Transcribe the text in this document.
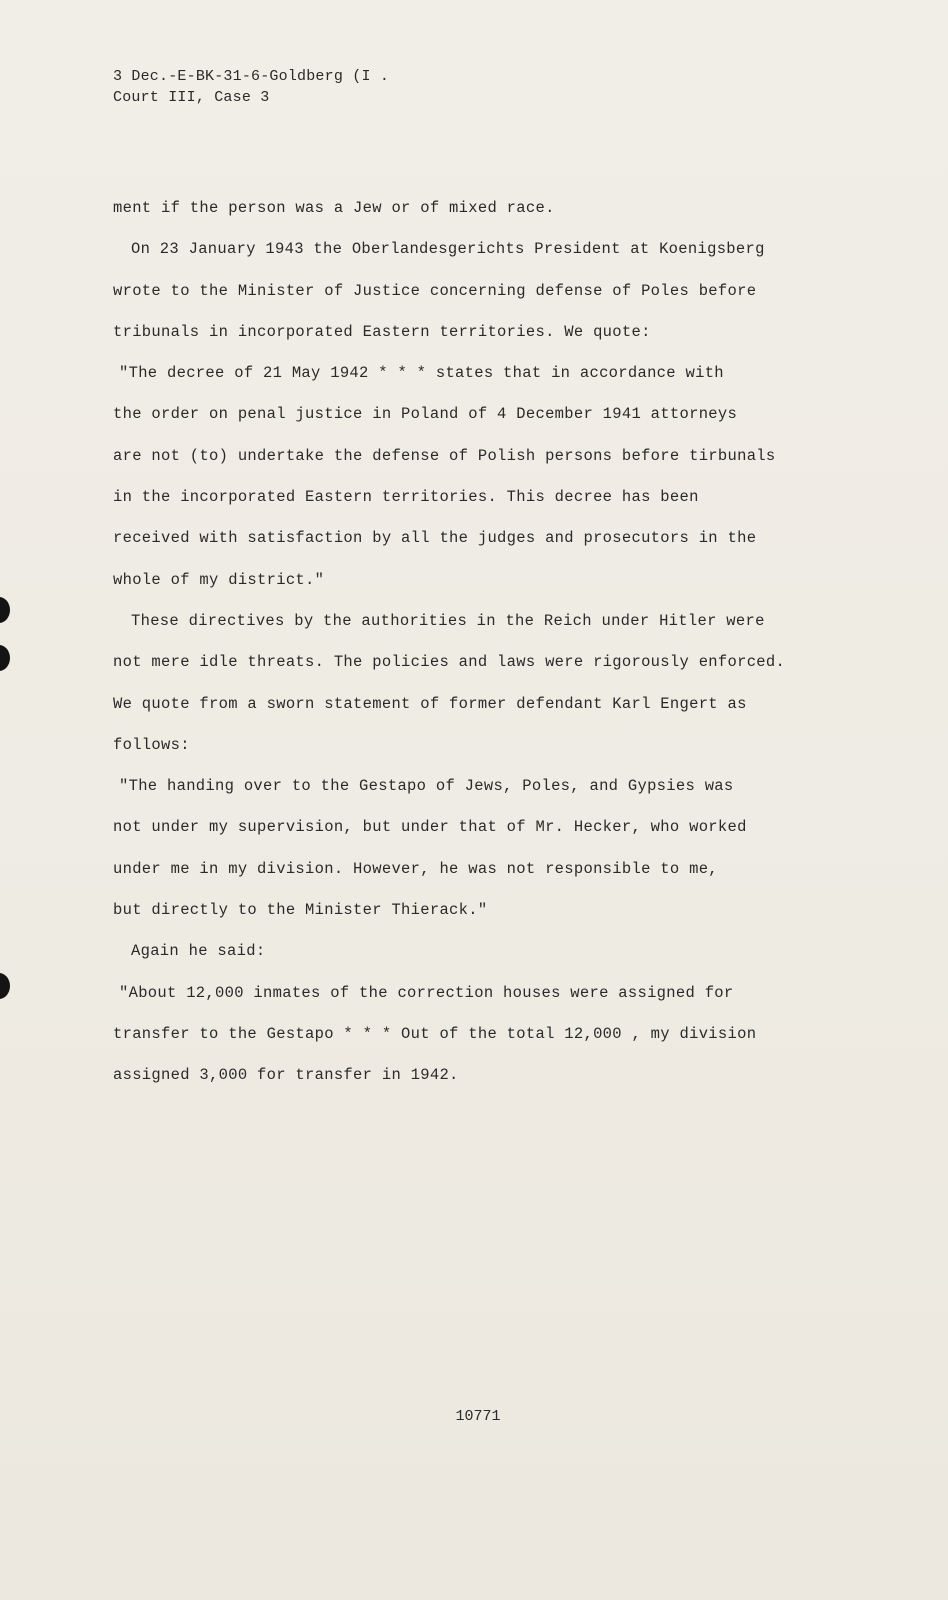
3 Dec.-E-BK-31-6-Goldberg (I .
Court III, Case 3
ment if the person was a Jew or of mixed race.
On 23 January 1943 the Oberlandesgerichts President at Koenigsberg
wrote to the Minister of Justice concerning defense of Poles before
tribunals in incorporated Eastern territories. We quote:
"The decree of 21 May 1942 * * * states that in accordance with
the order on penal justice in Poland of 4 December 1941 attorneys
are not (to) undertake the defense of Polish persons before tirbunals
in the incorporated Eastern territories. This decree has been
received with satisfaction by all the judges and prosecutors in the
whole of my district."
These directives by the authorities in the Reich under Hitler were
not mere idle threats. The policies and laws were rigorously enforced.
We quote from a sworn statement of former defendant Karl Engert as
follows:
"The handing over to the Gestapo of Jews, Poles, and Gypsies was
not under my supervision, but under that of Mr. Hecker, who worked
under me in my division. However, he was not responsible to me,
but directly to the Minister Thierack."
Again he said:
"About 12,000 inmates of the correction houses were assigned for
transfer to the Gestapo * * * Out of the total 12,000 , my division
assigned 3,000 for transfer in 1942.
10771
